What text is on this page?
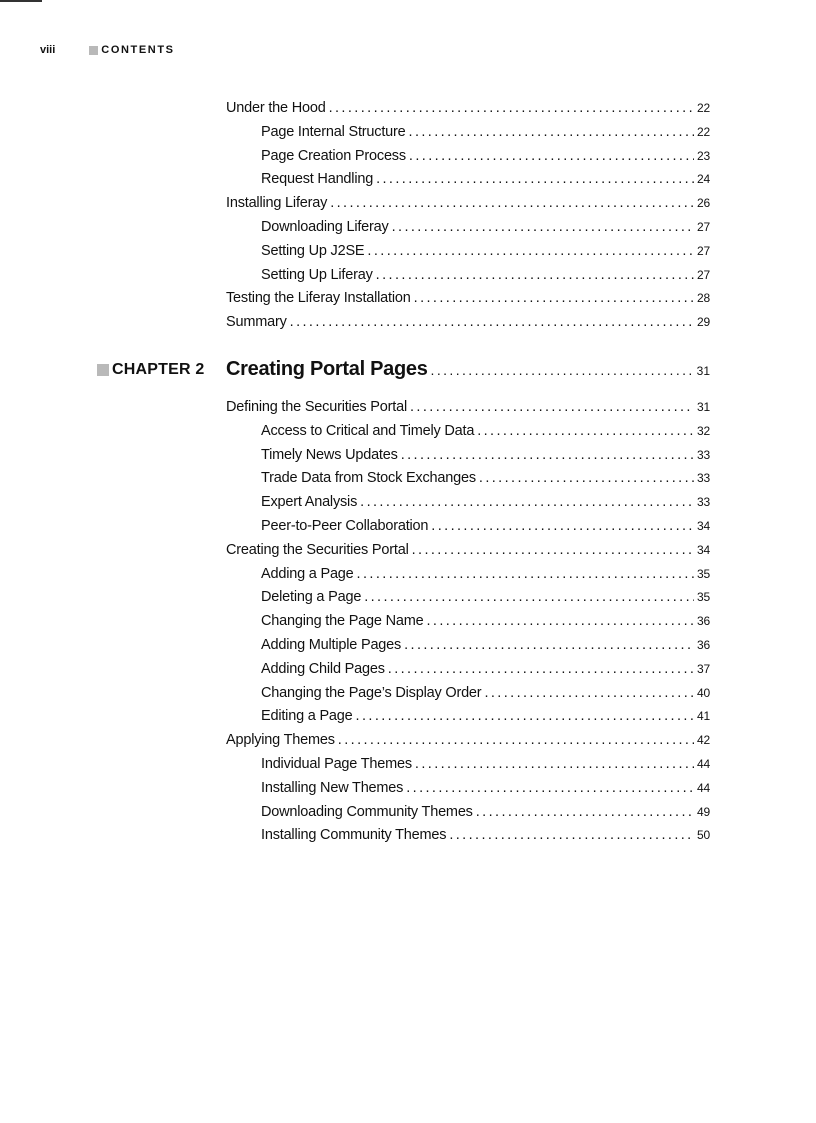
viii	CONTENTS
Under the Hood .....	22
Page Internal Structure .....	22
Page Creation Process .....	23
Request Handling .....	24
Installing Liferay .....	26
Downloading Liferay .....	27
Setting Up J2SE .....	27
Setting Up Liferay .....	27
Testing the Liferay Installation .....	28
Summary .....	29
CHAPTER 2 Creating Portal Pages .....	31
Defining the Securities Portal .....	31
Access to Critical and Timely Data .....	32
Timely News Updates .....	33
Trade Data from Stock Exchanges .....	33
Expert Analysis .....	33
Peer-to-Peer Collaboration .....	34
Creating the Securities Portal .....	34
Adding a Page .....	35
Deleting a Page .....	35
Changing the Page Name .....	36
Adding Multiple Pages .....	36
Adding Child Pages .....	37
Changing the Page’s Display Order .....	40
Editing a Page .....	41
Applying Themes .....	42
Individual Page Themes .....	44
Installing New Themes .....	44
Downloading Community Themes .....	49
Installing Community Themes .....	50
